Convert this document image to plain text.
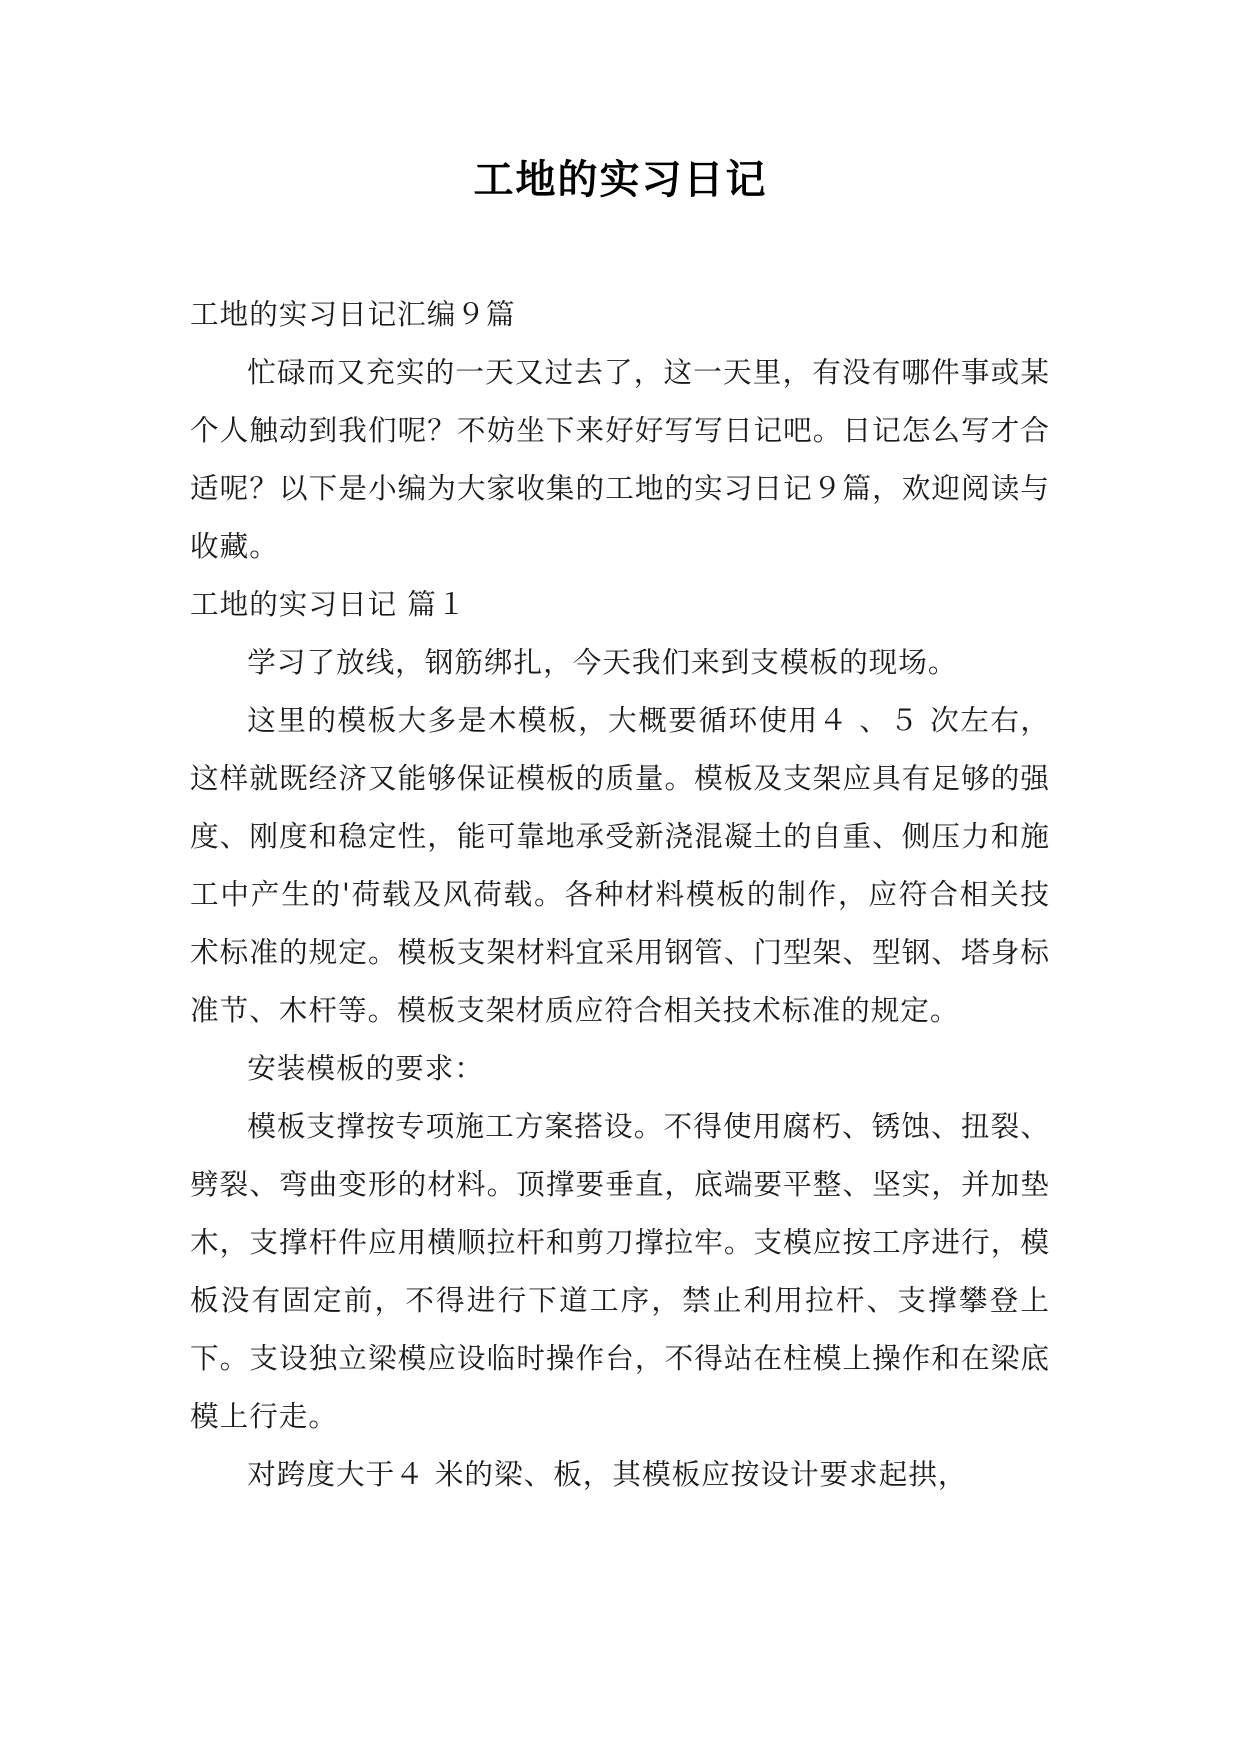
工地的实习日记

工地的实习日记汇编９篇

忙碌而又充实的一天又过去了，这一天里，有没有哪件事或某个人触动到我们呢？不妨坐下来好好写写日记吧。日记怎么写才合适呢？以下是小编为大家收集的工地的实习日记９篇，欢迎阅读与收藏。

工地的实习日记 篇１

学习了放线，钢筋绑扎，今天我们来到支模板的现场。

这里的模板大多是木模板，大概要循环使用４ 、５ 次左右，这样就既经济又能够保证模板的质量。模板及支架应具有足够的强度、刚度和稳定性，能可靠地承受新浇混凝土的自重、侧压力和施工中产生的'荷载及风荷载。各种材料模板的制作，应符合相关技术标准的规定。模板支架材料宜采用钢管、门型架、型钢、塔身标准节、木杆等。模板支架材质应符合相关技术标准的规定。

安装模板的要求：

模板支撑按专项施工方案搭设。不得使用腐朽、锈蚀、扭裂、劈裂、弯曲变形的材料。顶撑要垂直，底端要平整、坚实，并加垫木，支撑杆件应用横顺拉杆和剪刀撑拉牢。支模应按工序进行，模板没有固定前，不得进行下道工序，禁止利用拉杆、支撑攀登上下。支设独立梁模应设临时操作台，不得站在柱模上操作和在梁底模上行走。

对跨度大于４ 米的梁、板，其模板应按设计要求起拱，
